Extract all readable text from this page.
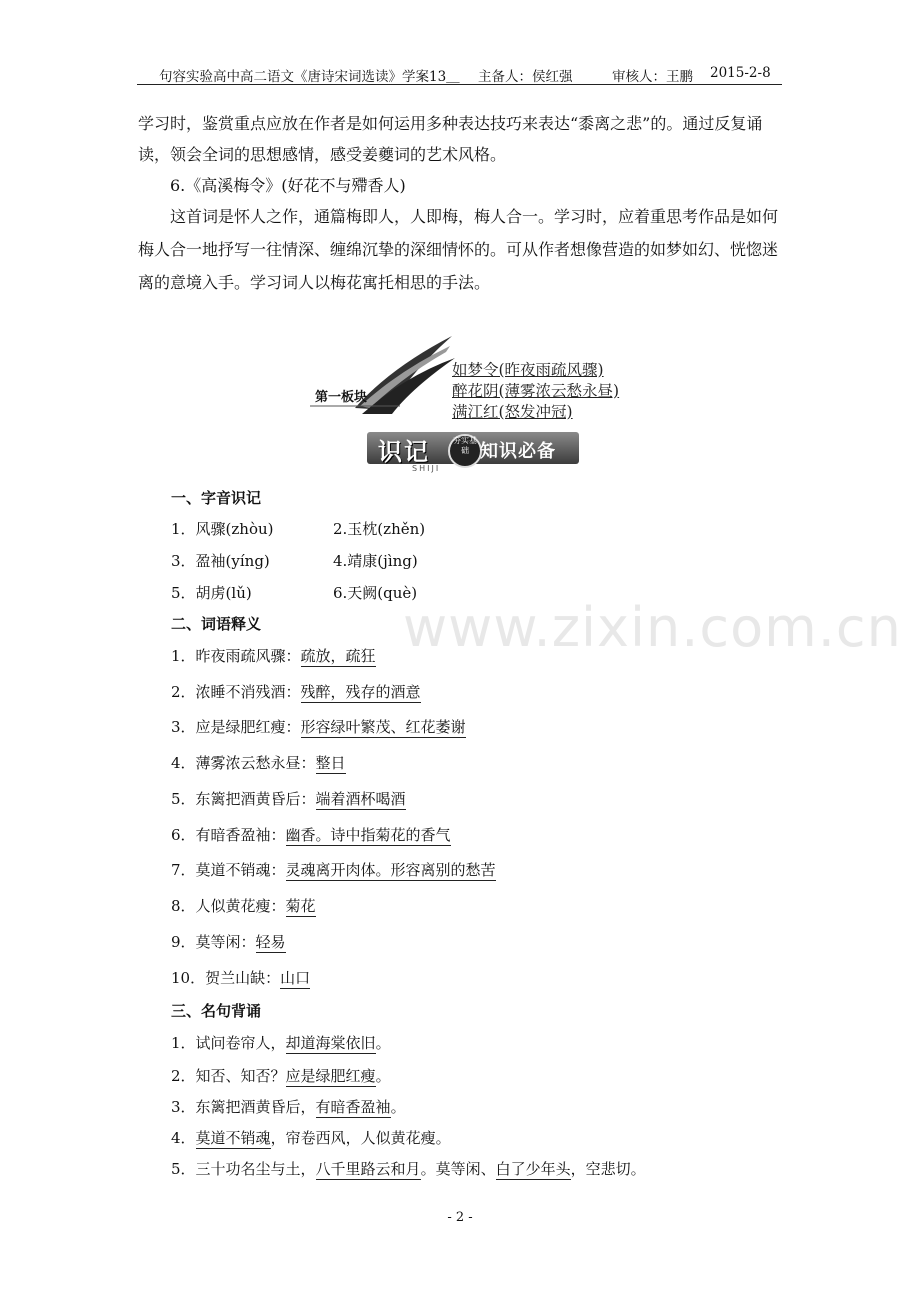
句容实验高中高二语文《唐诗宋词选读》学案13＿ 主备人：侯红强	审核人：王鹏 2015-2-8
学习时，鉴赏重点应放在作者是如何运用多种表达技巧来表达“黍离之悲”的。通过反复诵
读，领会全词的思想感情，感受姜夔词的艺术风格。
6.《高溪梅令》(好花不与殢香人)
这首词是怀人之作，通篇梅即人，人即梅，梅人合一。学习时，应着重思考作品是如何
梅人合一地抒写一往情深、缠绵沉挚的深细情怀的。可从作者想像营造的如梦如幻、恍惚迷
离的意境入手。学习词人以梅花寓托相思的手法。
第一板块
如梦令(昨夜雨疏风骤)
醉花阴(薄雾浓云愁永昼)
满江红(怒发冲冠)
识记	夯实基础 知识必备
SHIJI
www.zixin.com.cn
一、字音识记
1．风骤(zhòu)	2.玉枕(zhěn)
3．盈袖(yíng)	4.靖康(jìng)
5．胡虏(lǔ)	6.天阙(què)
二、词语释义
1．昨夜雨疏风骤：疏放，疏狂
2．浓睡不消残酒：残醉，残存的酒意
3．应是绿肥红瘦：形容绿叶繁茂、红花萎谢
4．薄雾浓云愁永昼：整日
5．东篱把酒黄昏后：端着酒杯喝酒
6．有暗香盈袖：幽香。诗中指菊花的香气
7．莫道不销魂：灵魂离开肉体。形容离别的愁苦
8．人似黄花瘦：菊花
9．莫等闲：轻易
10．贺兰山缺：山口
三、名句背诵
1．试问卷帘人，却道海棠依旧。
2．知否、知否？应是绿肥红瘦。
3．东篱把酒黄昏后，有暗香盈袖。
4．莫道不销魂，帘卷西风，人似黄花瘦。
5．三十功名尘与土，八千里路云和月。莫等闲、白了少年头，空悲切。
- 2 -
